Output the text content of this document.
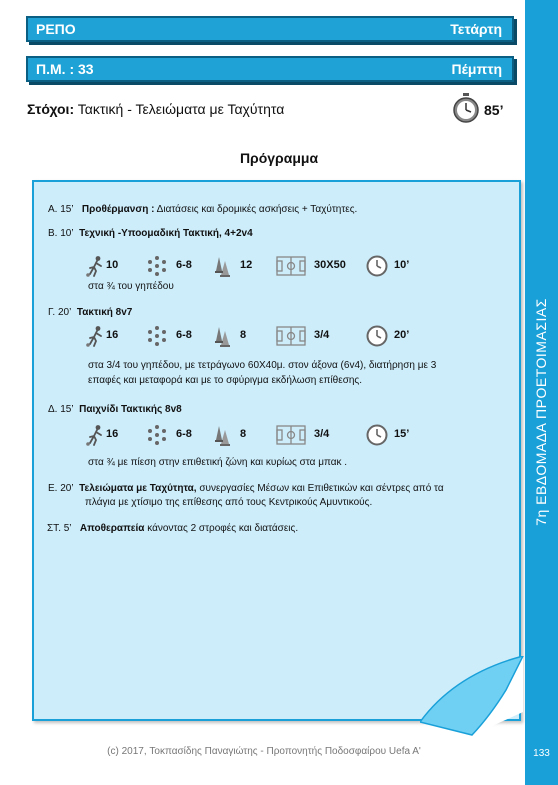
ΡΕΠΟ	Τετάρτη
Π.Μ. : 33	Πέμπτη
Στόχοι: Τακτική - Τελειώματα με Ταχύτητα	85’
Πρόγραμμα
Α. 15’ Προθέρμανση : Διατάσεις και δρομικές ασκήσεις + Ταχύτητες.
Β. 10’ Τεχνική -Υποομαδική Τακτική, 4+2v4
10	6-8	12	30Χ50	10’
στα ¾ του γηπέδου
Γ. 20’ Τακτική 8v7
16	6-8	8	3/4	20’
στα 3/4 του γηπέδου, με τετράγωνο 60Χ40μ. στον άξονα (6v4), διατήρηση με 3
επαφές και μεταφορά και με το σφύριγμα εκδήλωση επίθεσης.
Δ. 15’ Παιχνίδι Τακτικής 8v8
16	6-8	8	3/4	15’
στα ¾ με πίεση στην επιθετική ζώνη και κυρίως στα μπακ .
Ε. 20’ Τελειώματα με Ταχύτητα, συνεργασίες Μέσων και Επιθετικών και σέντρες από τα
πλάγια με χτίσιμο της επίθεσης από τους Κεντρικούς Αμυντικούς.
ΣΤ. 5’ Αποθεραπεία κάνοντας 2 στροφές και διατάσεις.
7η ΕΒΔΟΜΑΔΑ ΠΡΟΕΤΟΙΜΑΣΙΑΣ
133
(c) 2017, Τοκπασίδης Παναγιώτης - Προπονητής Ποδοσφαίρου Uefa A'
